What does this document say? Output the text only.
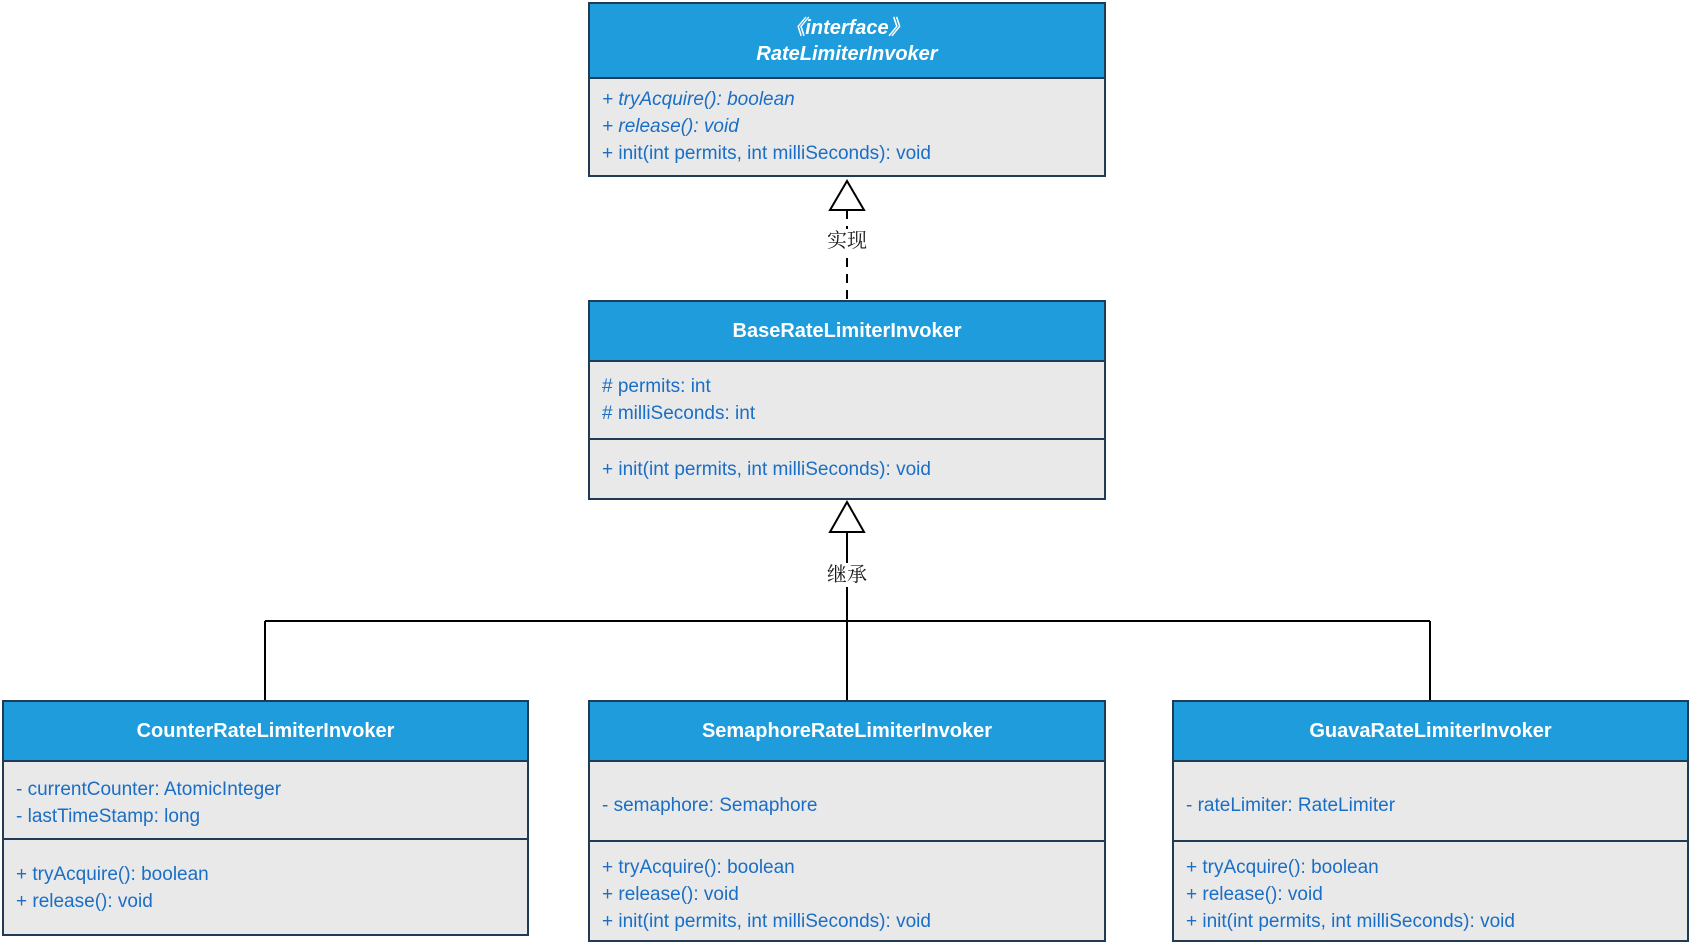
实现
继承
《interface》
RateLimiterInvoker
+ tryAcquire(): boolean
+ release(): void
+ init(int permits, int milliSeconds): void
BaseRateLimiterInvoker
# permits: int
# milliSeconds: int
+ init(int permits, int milliSeconds): void
CounterRateLimiterInvoker
- currentCounter: AtomicInteger
- lastTimeStamp: long
+ tryAcquire(): boolean
+ release(): void
SemaphoreRateLimiterInvoker
- semaphore: Semaphore
+ tryAcquire(): boolean
+ release(): void
+ init(int permits, int milliSeconds): void
GuavaRateLimiterInvoker
- rateLimiter: RateLimiter
+ tryAcquire(): boolean
+ release(): void
+ init(int permits, int milliSeconds): void
